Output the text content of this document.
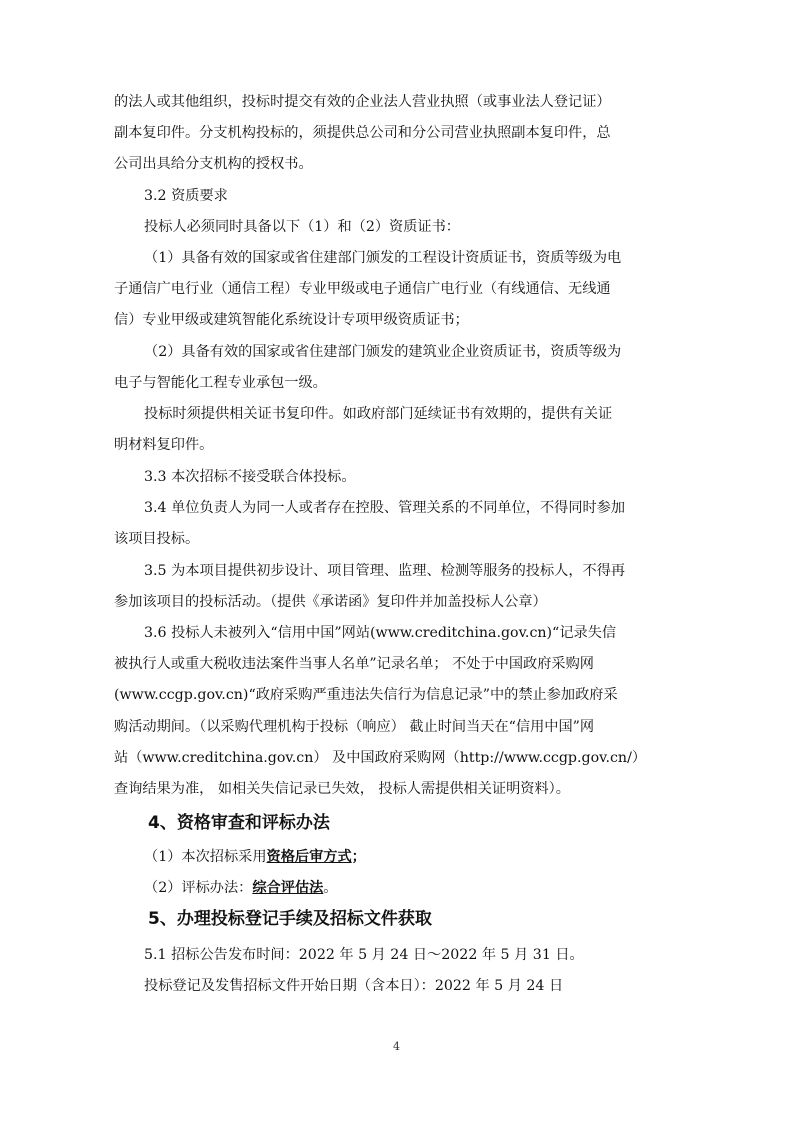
的法人或其他组织，投标时提交有效的企业法人营业执照（或事业法人登记证）
副本复印件。分支机构投标的，须提供总公司和分公司营业执照副本复印件，总
公司出具给分支机构的授权书。

3.2 资质要求

投标人必须同时具备以下（1）和（2）资质证书：

（1）具备有效的国家或省住建部门颁发的工程设计资质证书，资质等级为电
子通信广电行业（通信工程）专业甲级或电子通信广电行业（有线通信、无线通
信）专业甲级或建筑智能化系统设计专项甲级资质证书；
（2）具备有效的国家或省住建部门颁发的建筑业企业资质证书，资质等级为
电子与智能化工程专业承包一级。
投标时须提供相关证书复印件。如政府部门延续证书有效期的，提供有关证
明材料复印件。

3.3 本次招标不接受联合体投标。

3.4 单位负责人为同一人或者存在控股、管理关系的不同单位，不得同时参加
该项目投标。
3.5 为本项目提供初步设计、项目管理、监理、检测等服务的投标人，不得再
参加该项目的投标活动。（提供《承诺函》复印件并加盖投标人公章）
3.6 投标人未被列入“信用中国”网站(www.creditchina.gov.cn)“记录失信
被执行人或重大税收违法案件当事人名单”记录名单； 不处于中国政府采购网
(www.ccgp.gov.cn)“政府采购严重违法失信行为信息记录”中的禁止参加政府采
购活动期间。（以采购代理机构于投标（响应） 截止时间当天在“信用中国”网
站（www.creditchina.gov.cn） 及中国政府采购网（http://www.ccgp.gov.cn/）
查询结果为准， 如相关失信记录已失效， 投标人需提供相关证明资料）。
4、资格审查和评标办法

（1）本次招标采用资格后审方式；

（2）评标办法：综合评估法。

5、办理投标登记手续及招标文件获取

5.1 招标公告发布时间：2022 年 5 月 24 日～2022 年 5 月 31 日。

投标登记及发售招标文件开始日期（含本日）：2022 年 5 月 24 日

4
